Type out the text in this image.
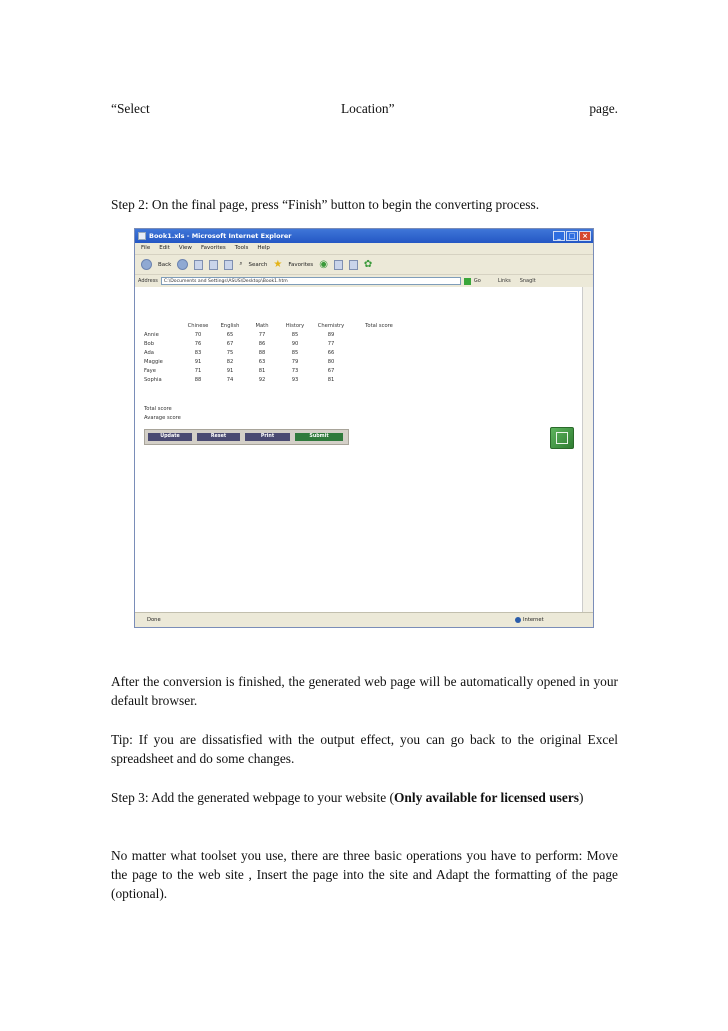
“Select	Location”	page.
Step 2: On the final page, press “Finish” button to begin the converting process.
Book1.xls - Microsoft Internet Explorer	_	□ ×
File Edit View Favorites Tools Help
Back	⌕ Search ★ Favorites ◉	✿
Address	C:\Documents and Settings\ASUS\Desktop\Book1.htm	Go	Links SnagIt
	Chinese	English	Math	History	Chemistry	Total score
Annie	70	65	77	85	89	
Bob	76	67	86	90	77	
Ada	83	75	88	85	66	
Maggie	91	82	63	79	80	
Faye	71	91	81	73	67	
Sophia	88	74	92	93	81	
Total score
Avarage score
Update	Reset	Print	Submit
Done	Internet
After the conversion is finished, the generated web page will be automatically opened in your default browser.
Tip: If you are dissatisfied with the output effect, you can go back to the original Excel spreadsheet and do some changes.
Step 3: Add the generated webpage to your website (Only available for licensed users)
No matter what toolset you use, there are three basic operations you have to perform: Move the page to the web site , Insert the page into the site and Adapt the formatting of the page (optional).
